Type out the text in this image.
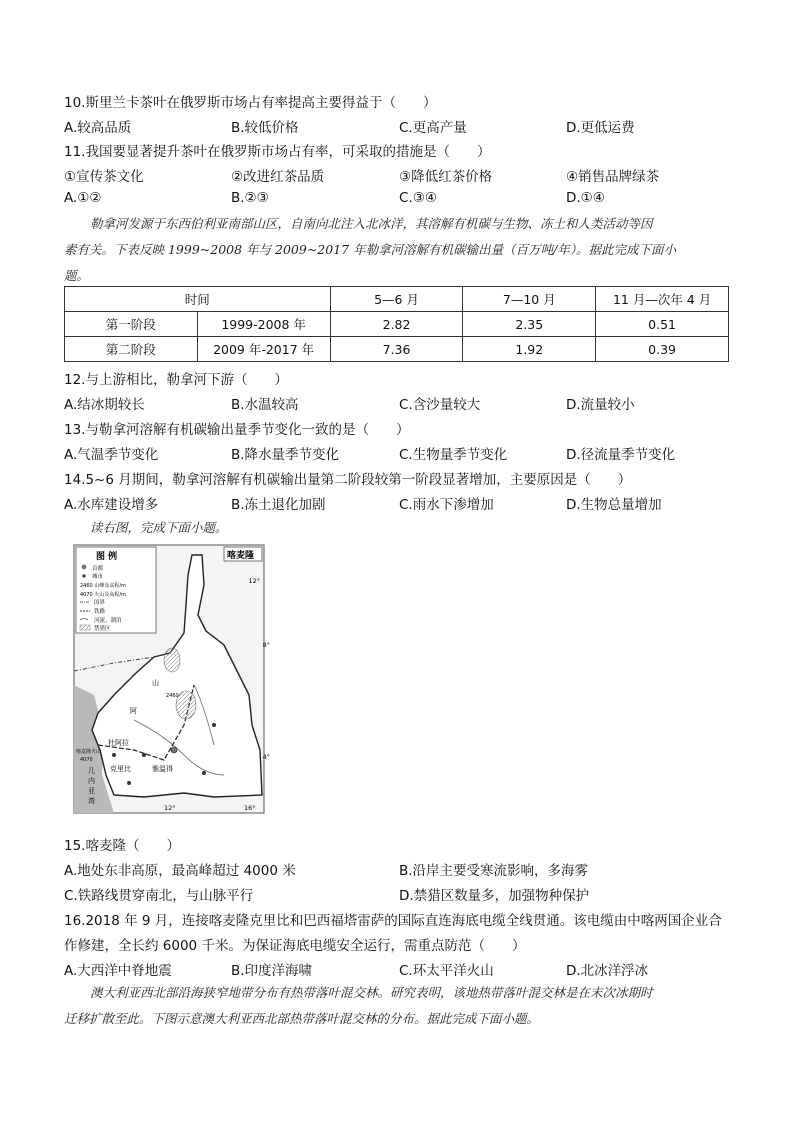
10.斯里兰卡茶叶在俄罗斯市场占有率提高主要得益于（　　）
A.较高品质	B.较低价格	C.更高产量	D.更低运费
11.我国要显著提升茶叶在俄罗斯市场占有率，可采取的措施是（　　）
①宣传茶文化	②改进红茶品质	③降低红茶价格	④销售品牌绿茶
A.①②	B.②③	C.③④	D.①④
勒拿河发源于东西伯利亚南部山区，自南向北注入北冰洋，其溶解有机碳与生物、冻土和人类活动等因
素有关。下表反映 1999~2008 年与 2009~2017 年勒拿河溶解有机碳输出量（百万吨/年）。据此完成下面小
题。
时间		5—6 月	7—10 月	11 月—次年 4 月
第一阶段	1999-2008 年	2.82	2.35	0.51
第二阶段	2009 年-2017 年	7.36	1.92	0.39
12.与上游相比，勒拿河下游（　　）
A.结冰期较长	B.水温较高	C.含沙量较大	D.流量较小
13.与勒拿河溶解有机碳输出量季节变化一致的是（　　）
A.气温季节变化	B.降水量季节变化	C.生物量季节变化	D.径流量季节变化
14.5~6 月期间，勒拿河溶解有机碳输出量第二阶段较第一阶段显著增加，主要原因是（　　）
A.水库建设增多	B.冻土退化加剧	C.雨水下渗增加	D.生物总量增加
读右图，完成下面小题。
图 例
首都
城市
2460 山峰及高程/m
4070 火山及高程/m
国界
铁路
河流、湖泊
禁猎区
喀麦隆
12°
8°
4°
12°	16°
山
2460
阿
杜阿拉
克里比	雅温得
喀麦隆火山
4070
几
内
亚
湾
15.喀麦隆（　　）
A.地处东非高原，最高峰超过 4000 米	B.沿岸主要受寒流影响，多海雾
C.铁路线贯穿南北，与山脉平行	D.禁猎区数量多，加强物种保护
16.2018 年 9 月，连接喀麦隆克里比和巴西福塔雷萨的国际直连海底电缆全线贯通。该电缆由中喀两国企业合
作修建，全长约 6000 千米。为保证海底电缆安全运行，需重点防范（　　）
A.大西洋中脊地震	B.印度洋海啸	C.环太平洋火山	D.北冰洋浮冰
澳大利亚西北部沿海狭窄地带分布有热带落叶混交林。研究表明，该地热带落叶混交林是在末次冰期时
迁移扩散至此。下图示意澳大利亚西北部热带落叶混交林的分布。据此完成下面小题。
